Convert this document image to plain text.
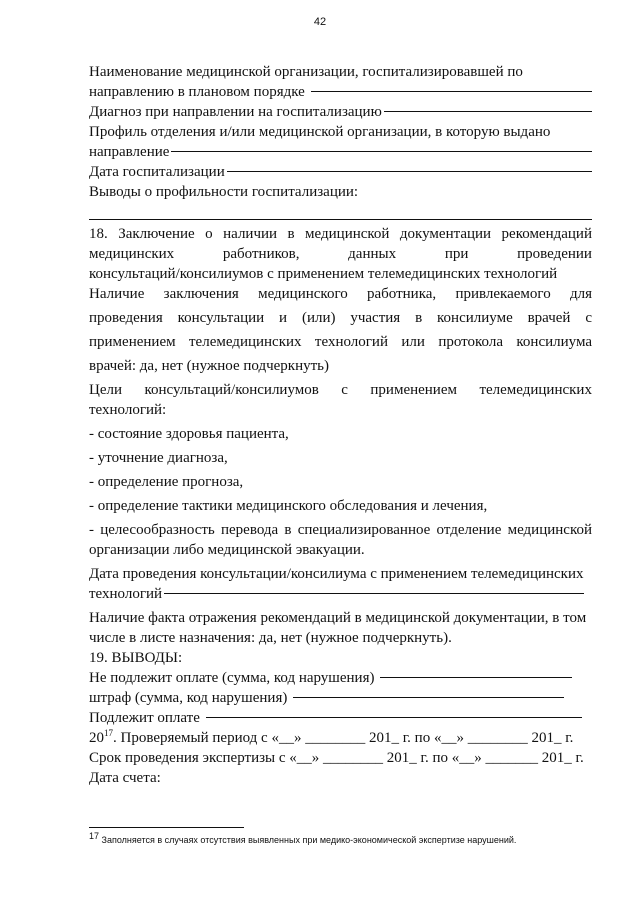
42
Наименование медицинской организации, госпитализировавшей по
направлению в плановом порядке
Диагноз при направлении на госпитализацию
Профиль отделения и/или медицинской организации, в которую выдано
направление
Дата госпитализации
Выводы о профильности госпитализации:
18. Заключение о наличии в медицинской документации рекомендаций
медицинских	работников,	данных	при	проведении
консультаций/консилиумов с применением телемедицинских технологий
Наличие заключения медицинского работника, привлекаемого для
проведения консультации и (или) участия в консилиуме врачей с
применением телемедицинских технологий или протокола консилиума
врачей: да, нет (нужное подчеркнуть)
Цели консультаций/консилиумов с применением телемедицинских
технологий:
- состояние здоровья пациента,
- уточнение диагноза,
- определение прогноза,
- определение тактики медицинского обследования и лечения,
- целесообразность перевода в специализированное отделение медицинской
организации либо медицинской эвакуации.
Дата проведения консультации/консилиума с применением телемедицинских
технологий
Наличие факта отражения рекомендаций в медицинской документации, в том
числе в листе назначения: да, нет (нужное подчеркнуть).
19. ВЫВОДЫ:
Не подлежит оплате (сумма, код нарушения)
штраф (сумма, код нарушения)
Подлежит оплате
$20^{17}$. Проверяемый период с «__» ________ 201_ г. по «__» ________ 201_ г.
Срок проведения экспертизы с «__» ________ 201_ г. по «__» _______ 201_ г.
Дата счета:
$^{17}$ Заполняется в случаях отсутствия выявленных при медико-экономической экспертизе нарушений.
